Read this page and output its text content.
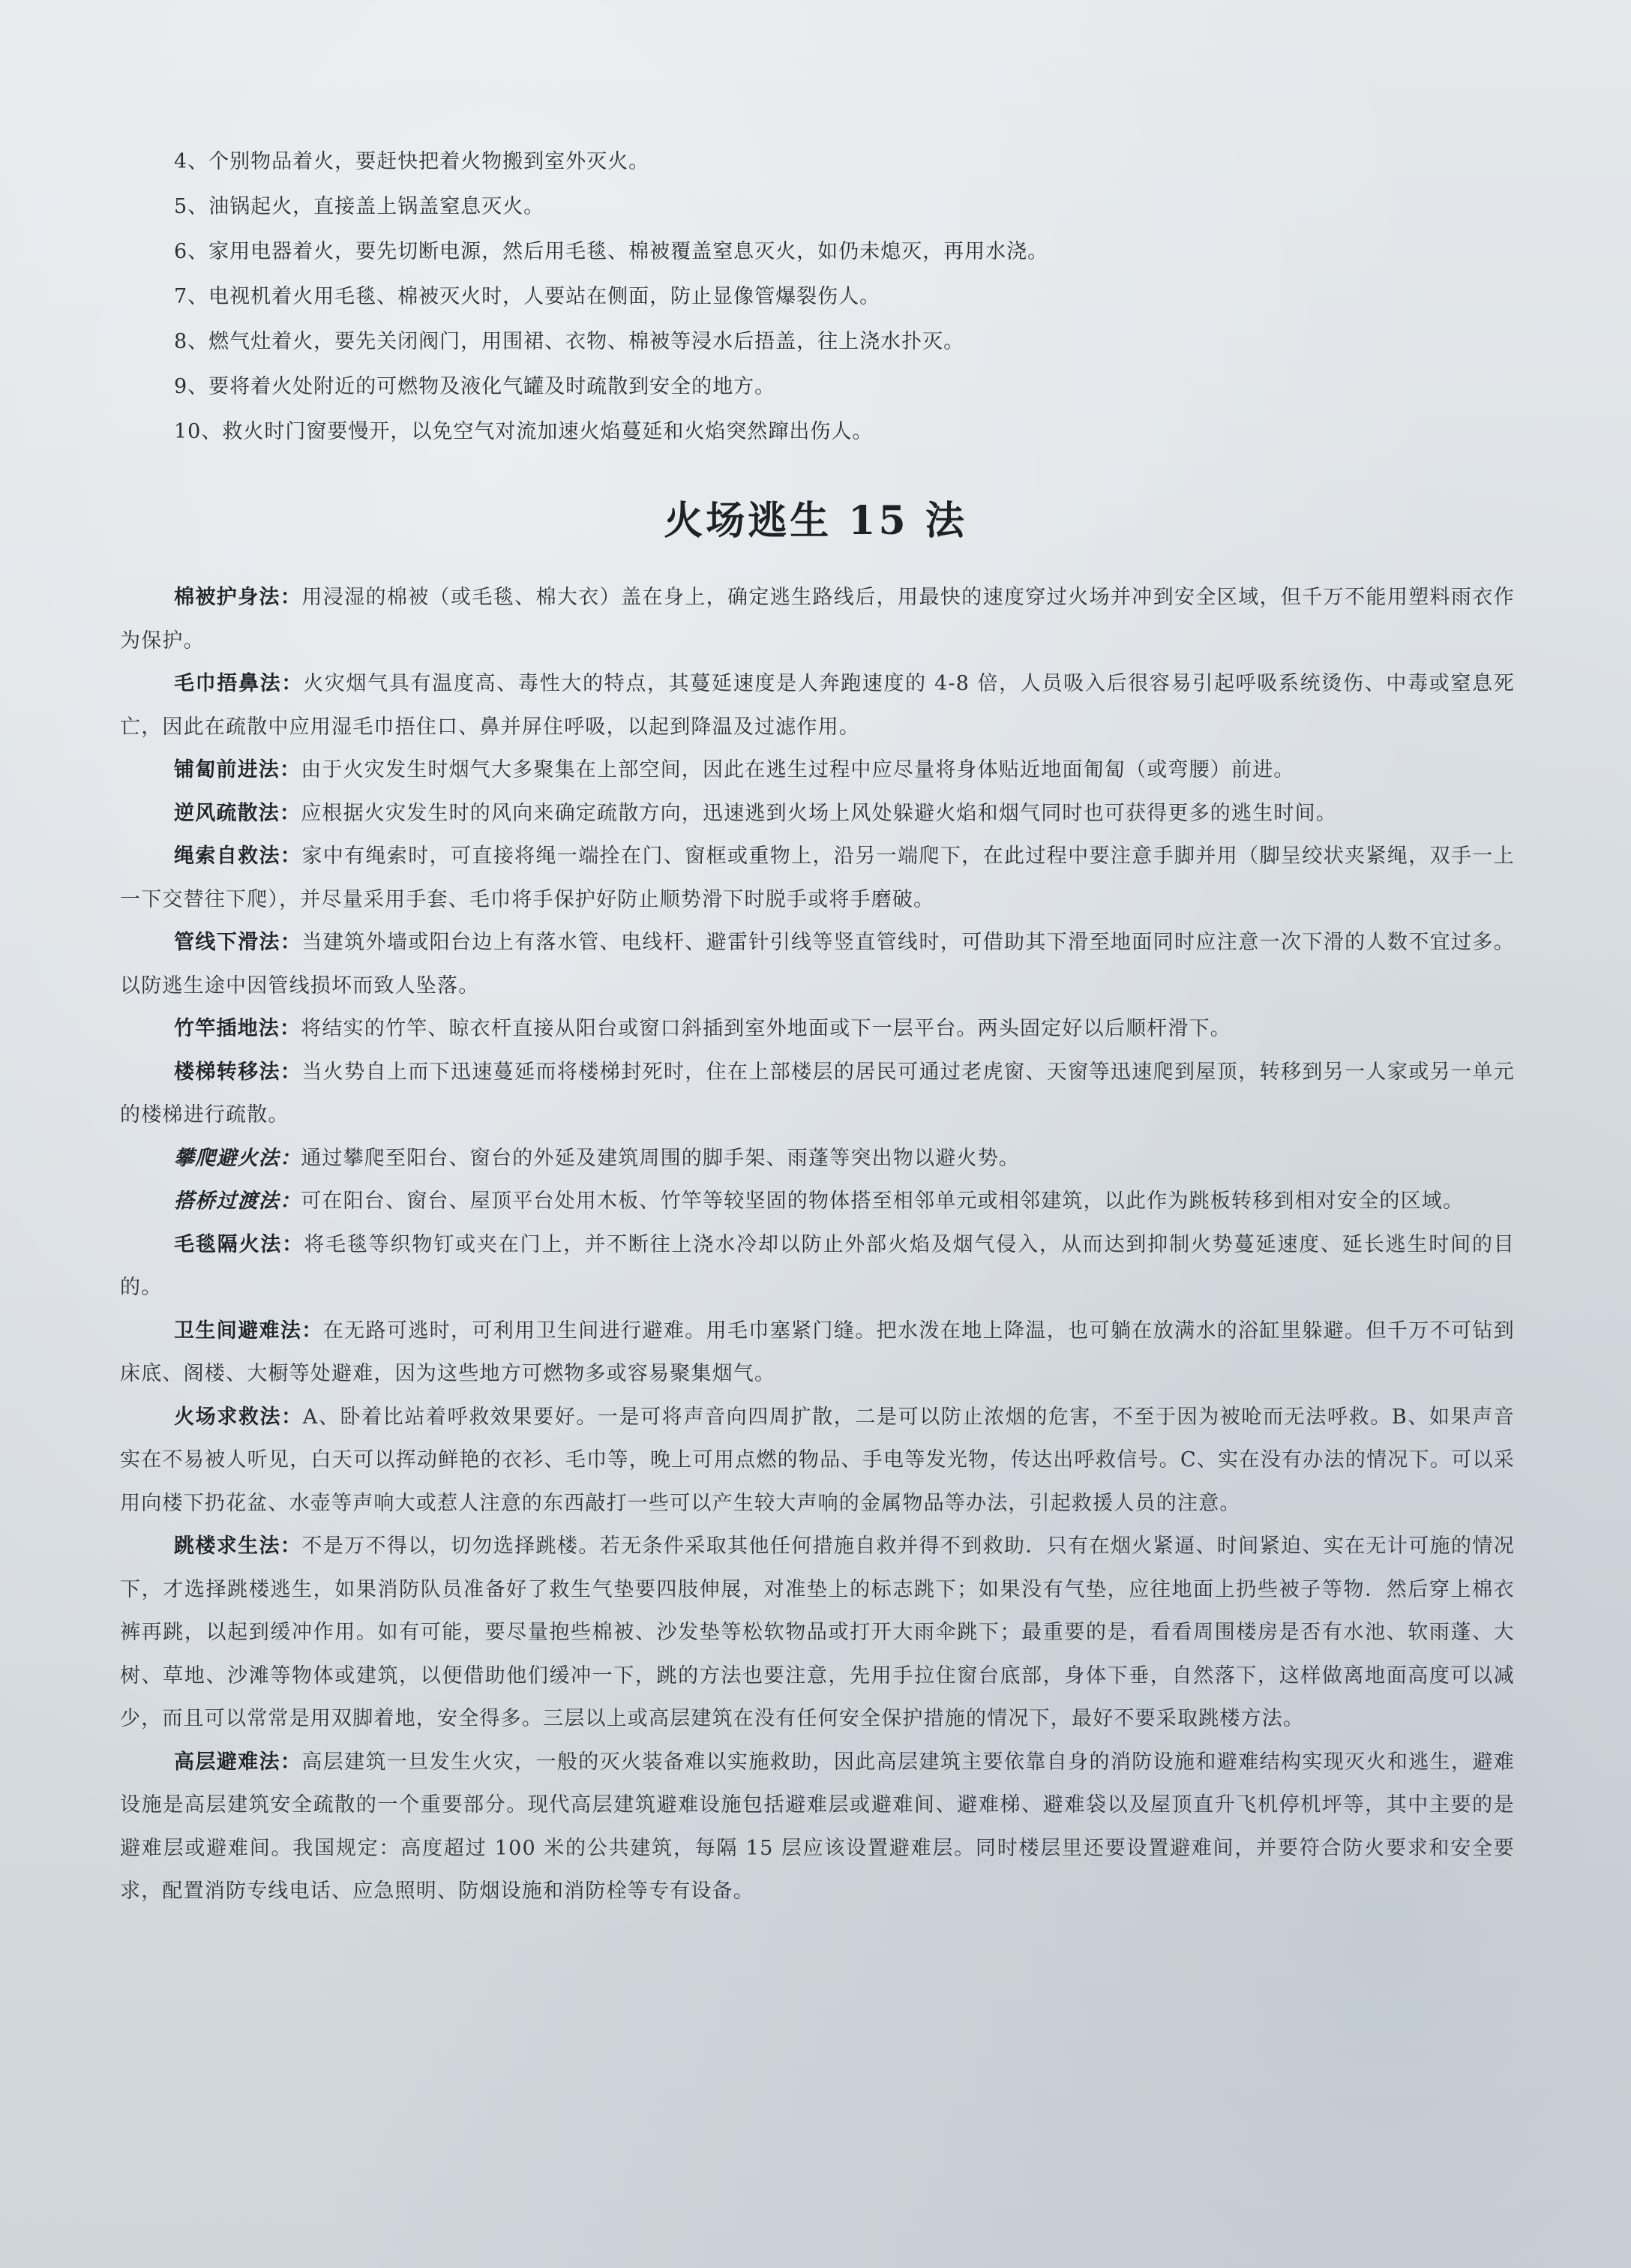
4、个别物品着火，要赶快把着火物搬到室外灭火。
5、油锅起火，直接盖上锅盖窒息灭火。
6、家用电器着火，要先切断电源，然后用毛毯、棉被覆盖窒息灭火，如仍未熄灭，再用水浇。
7、电视机着火用毛毯、棉被灭火时，人要站在侧面，防止显像管爆裂伤人。
8、燃气灶着火，要先关闭阀门，用围裙、衣物、棉被等浸水后捂盖，往上浇水扑灭。
9、要将着火处附近的可燃物及液化气罐及时疏散到安全的地方。
10、救火时门窗要慢开，以免空气对流加速火焰蔓延和火焰突然蹿出伤人。
火场逃生 15 法

棉被护身法：用浸湿的棉被（或毛毯、棉大衣）盖在身上，确定逃生路线后，用最快的速度穿过火场并冲到安全区域，但千万不能用塑料雨衣作为保护。

毛巾捂鼻法：火灾烟气具有温度高、毒性大的特点，其蔓延速度是人奔跑速度的 4-8 倍，人员吸入后很容易引起呼吸系统烫伤、中毒或窒息死亡，因此在疏散中应用湿毛巾捂住口、鼻并屏住呼吸，以起到降温及过滤作用。

铺匐前进法：由于火灾发生时烟气大多聚集在上部空间，因此在逃生过程中应尽量将身体贴近地面匍匐（或弯腰）前进。

逆风疏散法：应根据火灾发生时的风向来确定疏散方向，迅速逃到火场上风处躲避火焰和烟气同时也可获得更多的逃生时间。

绳索自救法：家中有绳索时，可直接将绳一端拴在门、窗框或重物上，沿另一端爬下，在此过程中要注意手脚并用（脚呈绞状夹紧绳，双手一上一下交替往下爬），并尽量采用手套、毛巾将手保护好防止顺势滑下时脱手或将手磨破。

管线下滑法：当建筑外墙或阳台边上有落水管、电线杆、避雷针引线等竖直管线时，可借助其下滑至地面同时应注意一次下滑的人数不宜过多。以防逃生途中因管线损坏而致人坠落。

竹竿插地法：将结实的竹竿、晾衣杆直接从阳台或窗口斜插到室外地面或下一层平台。两头固定好以后顺杆滑下。

楼梯转移法：当火势自上而下迅速蔓延而将楼梯封死时，住在上部楼层的居民可通过老虎窗、天窗等迅速爬到屋顶，转移到另一人家或另一单元的楼梯进行疏散。

攀爬避火法：通过攀爬至阳台、窗台的外延及建筑周围的脚手架、雨蓬等突出物以避火势。

搭桥过渡法：可在阳台、窗台、屋顶平台处用木板、竹竿等较坚固的物体搭至相邻单元或相邻建筑，以此作为跳板转移到相对安全的区域。

毛毯隔火法：将毛毯等织物钉或夹在门上，并不断往上浇水冷却以防止外部火焰及烟气侵入，从而达到抑制火势蔓延速度、延长逃生时间的目的。

卫生间避难法：在无路可逃时，可利用卫生间进行避难。用毛巾塞紧门缝。把水泼在地上降温，也可躺在放满水的浴缸里躲避。但千万不可钻到床底、阁楼、大橱等处避难，因为这些地方可燃物多或容易聚集烟气。

火场求救法：A、卧着比站着呼救效果要好。一是可将声音向四周扩散，二是可以防止浓烟的危害，不至于因为被呛而无法呼救。B、如果声音实在不易被人听见，白天可以挥动鲜艳的衣衫、毛巾等，晚上可用点燃的物品、手电等发光物，传达出呼救信号。C、实在没有办法的情况下。可以采用向楼下扔花盆、水壶等声响大或惹人注意的东西敲打一些可以产生较大声响的金属物品等办法，引起救援人员的注意。

跳楼求生法：不是万不得以，切勿选择跳楼。若无条件采取其他任何措施自救并得不到救助．只有在烟火紧逼、时间紧迫、实在无计可施的情况下，才选择跳楼逃生，如果消防队员准备好了救生气垫要四肢伸展，对准垫上的标志跳下；如果没有气垫，应往地面上扔些被子等物．然后穿上棉衣裤再跳，以起到缓冲作用。如有可能，要尽量抱些棉被、沙发垫等松软物品或打开大雨伞跳下；最重要的是，看看周围楼房是否有水池、软雨蓬、大树、草地、沙滩等物体或建筑，以便借助他们缓冲一下，跳的方法也要注意，先用手拉住窗台底部，身体下垂，自然落下，这样做离地面高度可以减少，而且可以常常是用双脚着地，安全得多。三层以上或高层建筑在没有任何安全保护措施的情况下，最好不要采取跳楼方法。

高层避难法：高层建筑一旦发生火灾，一般的灭火装备难以实施救助，因此高层建筑主要依靠自身的消防设施和避难结构实现灭火和逃生，避难设施是高层建筑安全疏散的一个重要部分。现代高层建筑避难设施包括避难层或避难间、避难梯、避难袋以及屋顶直升飞机停机坪等，其中主要的是避难层或避难间。我国规定：高度超过 100 米的公共建筑，每隔 15 层应该设置避难层。同时楼层里还要设置避难间，并要符合防火要求和安全要求，配置消防专线电话、应急照明、防烟设施和消防栓等专有设备。
